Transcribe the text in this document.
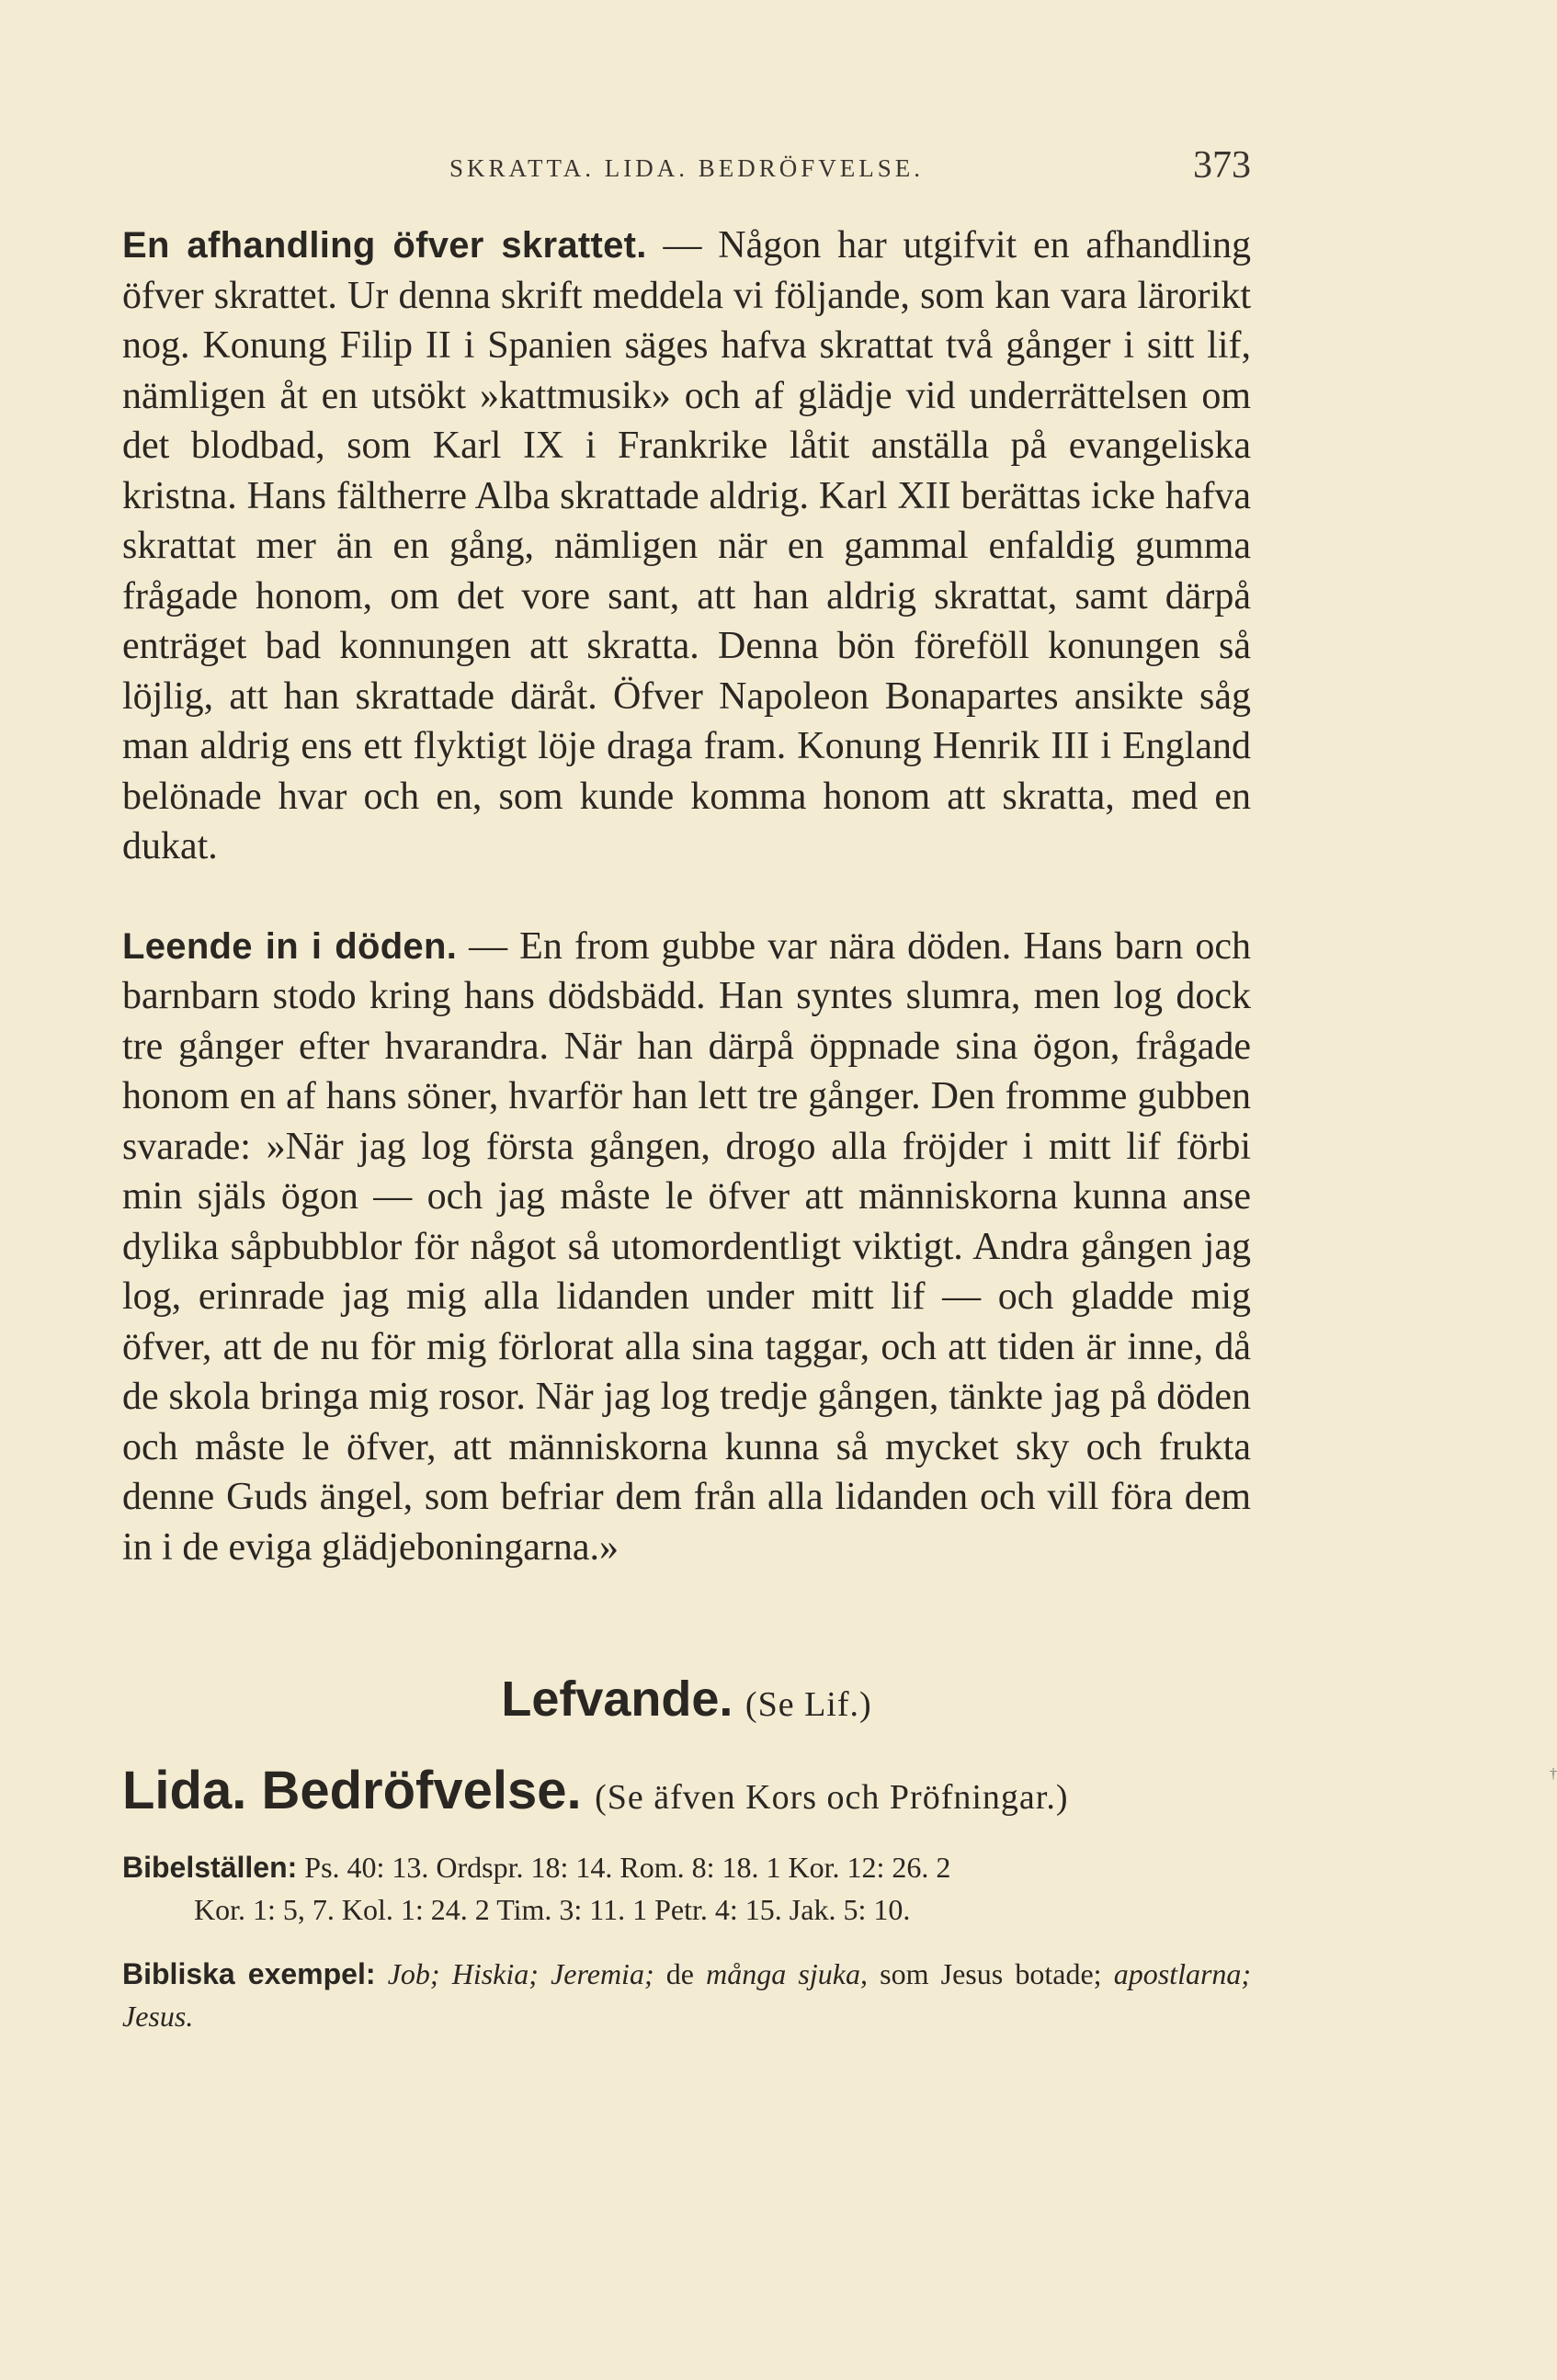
SKRATTA. LIDA. BEDRÖFVELSE.	373

En afhandling öfver skrattet. — Någon har utgifvit en afhandling öfver skrattet. Ur denna skrift meddela vi följande, som kan vara lärorikt nog. Konung Filip II i Spanien säges hafva skrattat två gånger i sitt lif, nämligen åt en utsökt »kattmusik» och af glädje vid underrättelsen om det blodbad, som Karl IX i Frankrike låtit anställa på evangeliska kristna. Hans fältherre Alba skrattade aldrig. Karl XII berättas icke hafva skrattat mer än en gång, nämligen när en gammal enfaldig gumma frågade honom, om det vore sant, att han aldrig skrattat, samt därpå enträget bad konnungen att skratta. Denna bön föreföll konungen så löjlig, att han skrattade däråt. Öfver Napoleon Bonapartes ansikte såg man aldrig ens ett flyktigt löje draga fram. Konung Henrik III i England belönade hvar och en, som kunde komma honom att skratta, med en dukat.

Leende in i döden. — En from gubbe var nära döden. Hans barn och barnbarn stodo kring hans dödsbädd. Han syntes slumra, men log dock tre gånger efter hvarandra. När han därpå öppnade sina ögon, frågade honom en af hans söner, hvarför han lett tre gånger. Den fromme gubben svarade: »När jag log första gången, drogo alla fröjder i mitt lif förbi min själs ögon — och jag måste le öfver att människorna kunna anse dylika såpbubblor för något så utomordentligt viktigt. Andra gången jag log, erinrade jag mig alla lidanden under mitt lif — och gladde mig öfver, att de nu för mig förlorat alla sina taggar, och att tiden är inne, då de skola bringa mig rosor. När jag log tredje gången, tänkte jag på döden och måste le öfver, att människorna kunna så mycket sky och frukta denne Guds ängel, som befriar dem från alla lidanden och vill föra dem in i de eviga glädjeboningarna.»

Lefvande. (Se Lif.)

Lida. Bedröfvelse. (Se äfven Kors och Pröfningar.)

Bibelställen: Ps. 40: 13. Ordspr. 18: 14. Rom. 8: 18. 1 Kor. 12: 26. 2
Kor. 1: 5, 7. Kol. 1: 24. 2 Tim. 3: 11. 1 Petr. 4: 15. Jak. 5: 10.
Bibliska exempel: Job; Hiskia; Jeremia; de många sjuka, som Jesus botade; apostlarna; Jesus.
†
